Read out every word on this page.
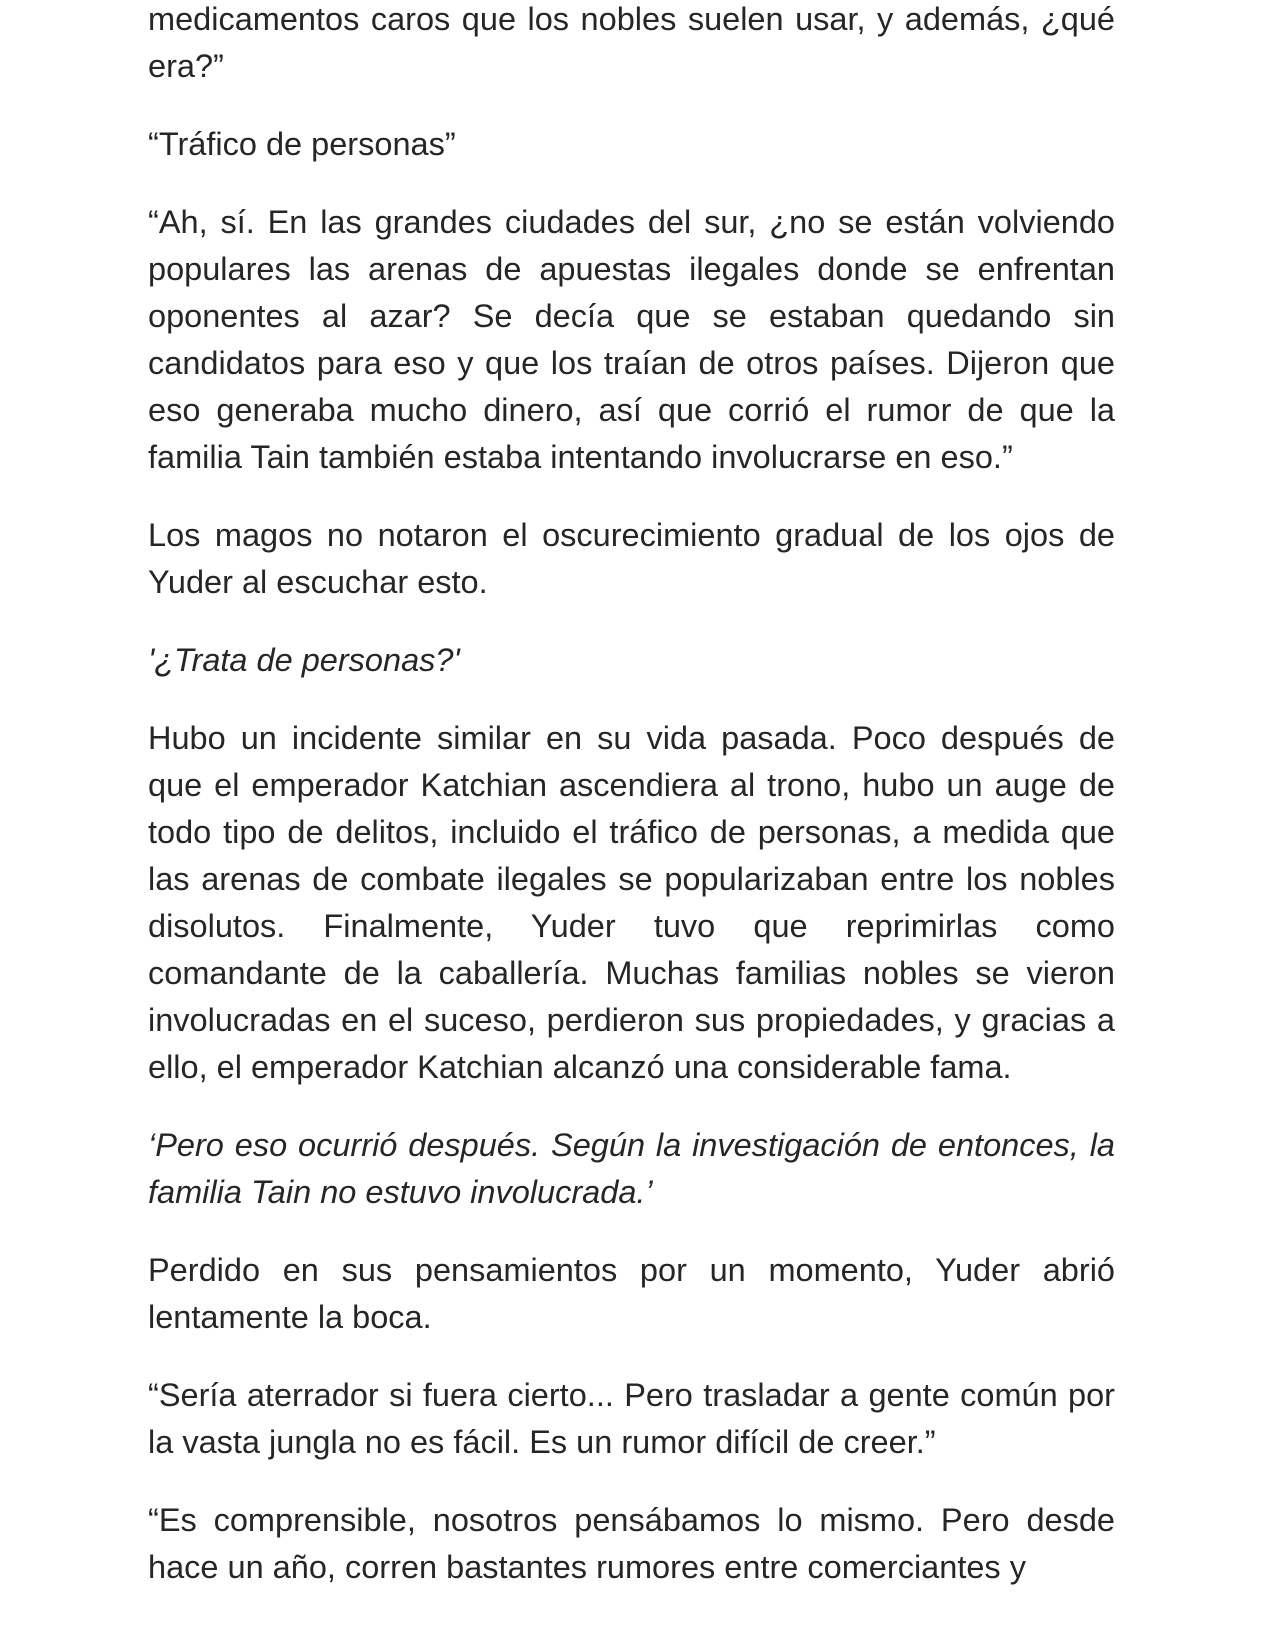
medicamentos caros que los nobles suelen usar, y además, ¿qué era?”

“Tráfico de personas”

“Ah, sí. En las grandes ciudades del sur, ¿no se están volviendo populares las arenas de apuestas ilegales donde se enfrentan oponentes al azar? Se decía que se estaban quedando sin candidatos para eso y que los traían de otros países. Dijeron que eso generaba mucho dinero, así que corrió el rumor de que la familia Tain también estaba intentando involucrarse en eso.”

Los magos no notaron el oscurecimiento gradual de los ojos de Yuder al escuchar esto.

'¿Trata de personas?'

Hubo un incidente similar en su vida pasada. Poco después de que el emperador Katchian ascendiera al trono, hubo un auge de todo tipo de delitos, incluido el tráfico de personas, a medida que las arenas de combate ilegales se popularizaban entre los nobles disolutos. Finalmente, Yuder tuvo que reprimirlas como comandante de la caballería. Muchas familias nobles se vieron involucradas en el suceso, perdieron sus propiedades, y gracias a ello, el emperador Katchian alcanzó una considerable fama.

‘Pero eso ocurrió después. Según la investigación de entonces, la familia Tain no estuvo involucrada.’

Perdido en sus pensamientos por un momento, Yuder abrió lentamente la boca.

“Sería aterrador si fuera cierto... Pero trasladar a gente común por la vasta jungla no es fácil. Es un rumor difícil de creer.”

“Es comprensible, nosotros pensábamos lo mismo. Pero desde hace un año, corren bastantes rumores entre comerciantes y
